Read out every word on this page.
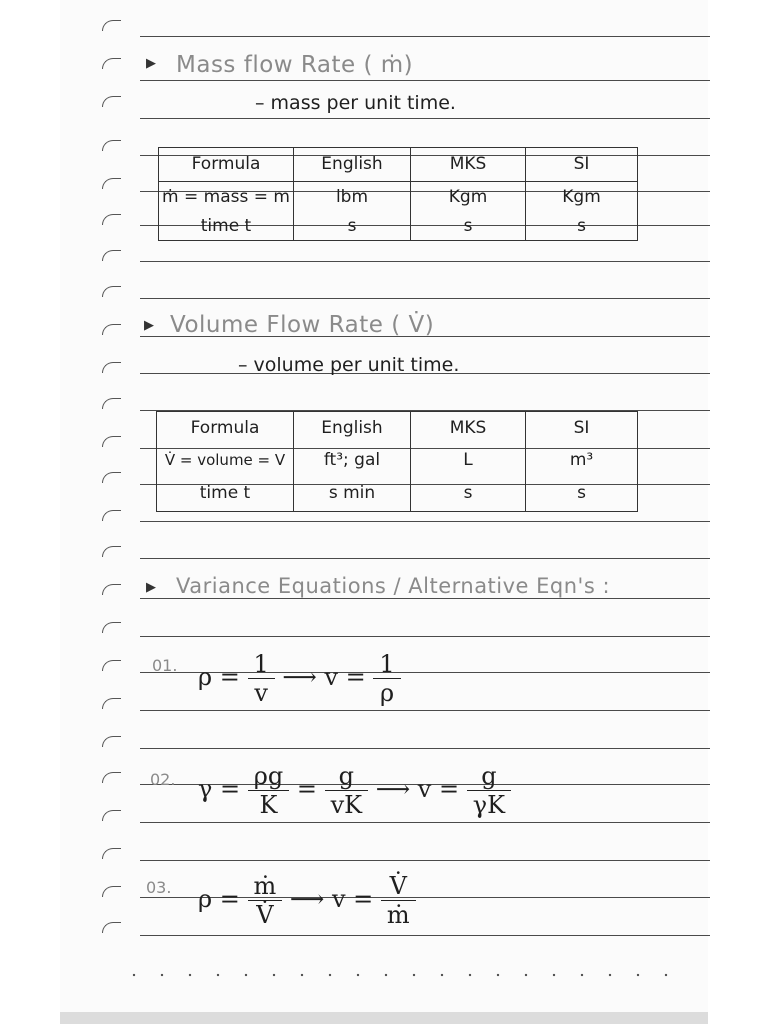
▶ Mass flow Rate ( ṁ)
– mass per unit time.
Formula	English	MKS	SI
ṁ = mass = m	lbm	Kgm	Kgm
time t	s	s	s
▶ Volume Flow Rate ( V̇)
– volume per unit time.
Formula	English	MKS	SI
V̇ = volume = V	ft³; gal	L	m³
time t	s min	s	s
▶ Variance Equations / Alternative Eqn's :
01. $\rho = \frac{1}{v}$ ⟶ $v = \frac{1}{\rho}$
02. $\gamma = \frac{\rho g}{K} = \frac{g}{vK}$ ⟶ $v = \frac{g}{\gamma K}$
03. $\rho = \frac{\text{ṁ}}{V̇}$ ⟶ $v = \frac{V̇}{\text{ṁ}}$
